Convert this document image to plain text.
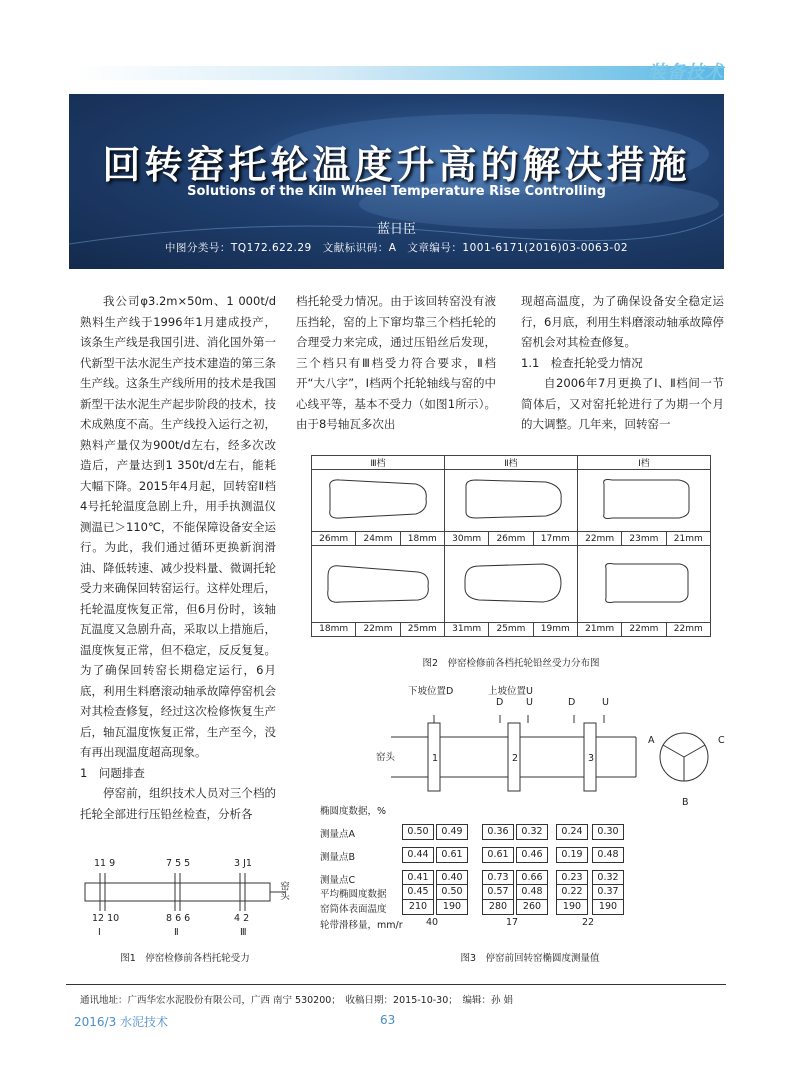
装备技术
回转窑托轮温度升高的解决措施
Solutions of the Kiln Wheel Temperature Rise Controlling
蓝日臣
中图分类号：TQ172.622.29　文献标识码：A　文章编号：1001-6171(2016)03-0063-02

我公司φ3.2m×50m、1 000t/d熟料生产线于1996年1月建成投产，该条生产线是我国引进、消化国外第一代新型干法水泥生产技术建造的第三条生产线。这条生产线所用的技术是我国新型干法水泥生产起步阶段的技术，技术成熟度不高。生产线投入运行之初，熟料产量仅为900t/d左右，经多次改造后，产量达到1 350t/d左右，能耗大幅下降。2015年4月起，回转窑Ⅱ档4号托轮温度急剧上升，用手执测温仪测温已＞110℃，不能保障设备安全运行。为此，我们通过循环更换新润滑油、降低转速、减少投料量、微调托轮受力来确保回转窑运行。这样处理后，托轮温度恢复正常，但6月份时，该轴瓦温度又急剧升高，采取以上措施后，温度恢复正常，但不稳定，反反复复。为了确保回转窑长期稳定运行，6月底，利用生料磨滚动轴承故障停窑机会对其检查修复，经过这次检修恢复生产后，轴瓦温度恢复正常，生产至今，没有再出现温度超高现象。

1　问题排查

停窑前，组织技术人员对三个档的托轮全部进行压铅丝检查，分析各

档托轮受力情况。由于该回转窑没有液压挡轮，窑的上下窜均靠三个档托轮的合理受力来完成，通过压铅丝后发现，三个档只有Ⅲ档受力符合要求，Ⅱ档开“大八字”，Ⅰ档两个托轮轴线与窑的中心线平等，基本不受力（如图1所示）。由于8号轴瓦多次出

现超高温度，为了确保设备安全稳定运行，6月底，利用生料磨滚动轴承故障停窑机会对其检查修复。

1.1　检查托轮受力情况

自2006年7月更换了Ⅰ、Ⅱ档间一节简体后，又对窑托轮进行了为期一个月的大调整。几年来，回转窑一

Ⅲ档			Ⅱ档			Ⅰ档		

26mm	24mm	18mm	30mm	26mm	17mm	22mm	23mm	21mm

18mm	22mm	25mm	31mm	25mm	19mm	21mm	22mm	22mm
图2　停窑检修前各档托轮铅丝受力分布图
11 9	7 5 5	3 J1
12 10	8 6 6	4 2
Ⅰ	Ⅱ	Ⅲ
窑头
图1　停窑检修前各档托轮受力
下坡位置D	上坡位置U
D U	D	U
窑头	1	2	3
A	C
B
椭圆度数据，%
测量点A	0.50	0.49	0.36	0.32	0.24	0.30
测量点B	0.44	0.61	0.61	0.46	0.19	0.48
测量点C	0.41	0.40	0.73	0.66	0.23	0.32
平均椭圆度数据	0.45	0.50	0.57	0.48	0.22	0.37
窑筒体表面温度	210	190	280	260	190	190
轮带滑移量，mm/r 40	17	22
图3　停窑前回转窑椭圆度测量值
通讯地址：广西华宏水泥股份有限公司，广西 南宁 530200；　收稿日期：2015-10-30；　编辑：孙 娟
2016/3 水泥技术	63
